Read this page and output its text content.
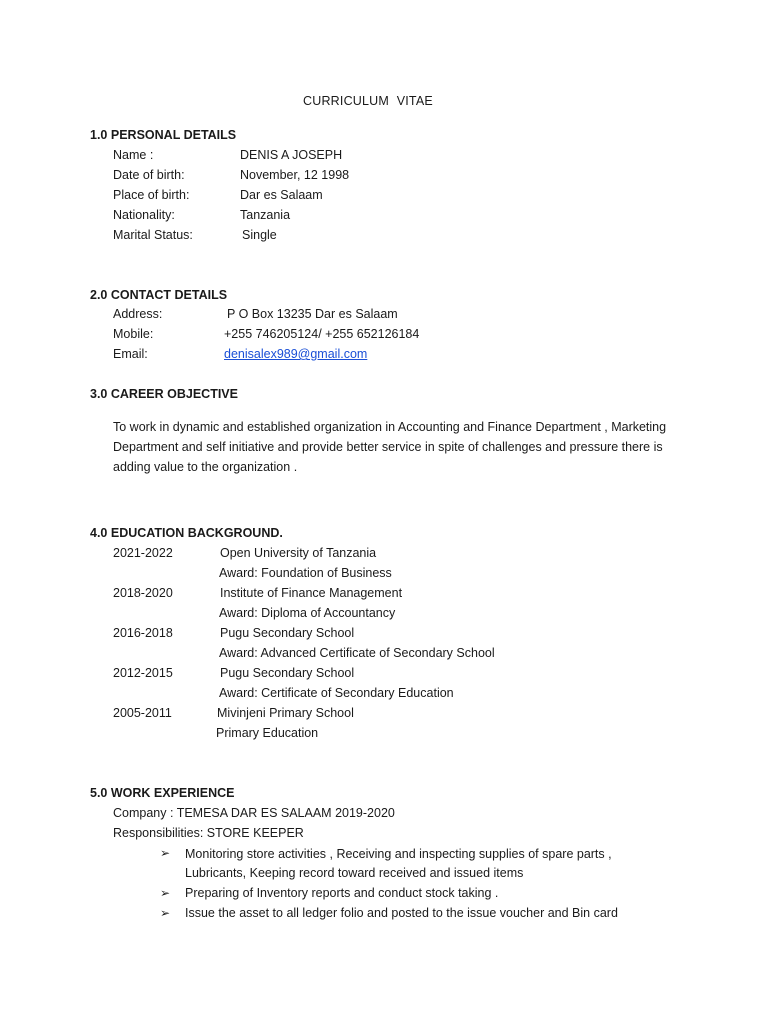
CURRICULUM VITAE
1.0 PERSONAL DETAILS
Name :	DENIS A JOSEPH
Date of birth:	November, 12 1998
Place of birth:	Dar es Salaam
Nationality:	Tanzania
Marital Status:	Single
2.0 CONTACT DETAILS
Address:	P O Box 13235 Dar es Salaam
Mobile:	+255 746205124/ +255 652126184
Email:	denisalex989@gmail.com
3.0 CAREER OBJECTIVE
To work in dynamic and established organization in Accounting and Finance Department , Marketing Department and self initiative and provide better service in spite of challenges and pressure there is adding value to the organization .
4.0 EDUCATION BACKGROUND.
2021-2022	Open University of Tanzania
Award: Foundation of Business
2018-2020	Institute of Finance Management
Award: Diploma of Accountancy
2016-2018	Pugu Secondary School
Award: Advanced Certificate of Secondary School
2012-2015	Pugu Secondary School
Award: Certificate of Secondary Education
2005-2011	Mivinjeni Primary School
Primary Education
5.0 WORK EXPERIENCE
Company : TEMESA DAR ES SALAAM 2019-2020
Responsibilities: STORE KEEPER
➢ Monitoring store activities , Receiving and inspecting supplies of spare parts ,
Lubricants, Keeping record toward received and issued items
➢ Preparing of Inventory reports and conduct stock taking .
➢ Issue the asset to all ledger folio and posted to the issue voucher and Bin card
